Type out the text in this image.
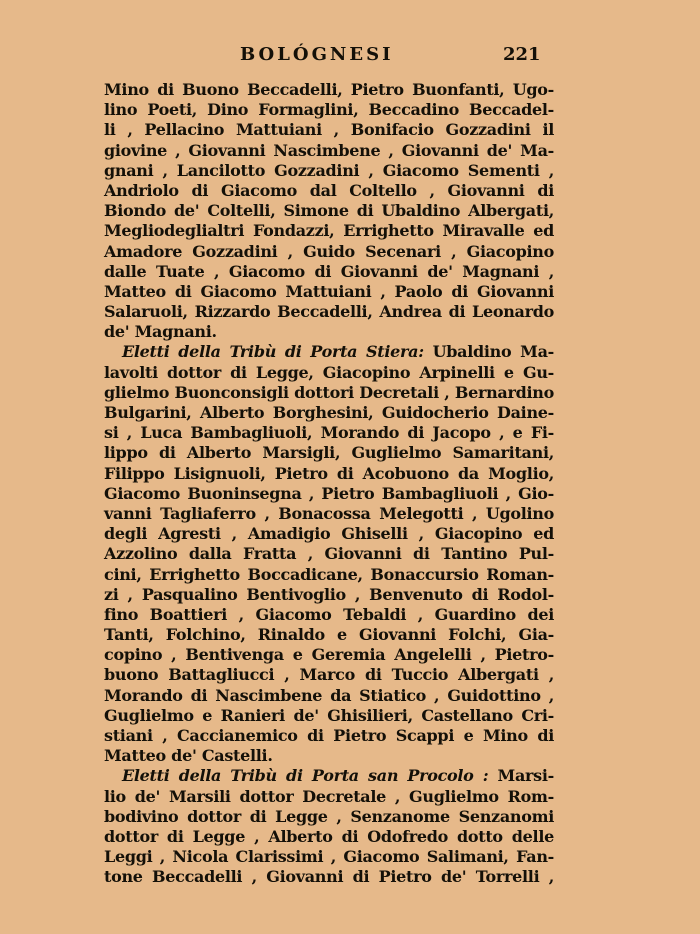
BOLÓGNESI	221
Mino di Buono Beccadelli, Pietro Buonfanti, Ugo-
lino Poeti, Dino Formaglini, Beccadino Beccadel-
li , Pellacino Mattuiani , Bonifacio Gozzadini il
giovine , Giovanni Nascimbene , Giovanni de' Ma-
gnani , Lancilotto Gozzadini , Giacomo Sementi ,
Andriolo di Giacomo dal Coltello , Giovanni di
Biondo de' Coltelli, Simone di Ubaldino Albergati,
Megliodeglialtri Fondazzi, Errighetto Miravalle ed
Amadore Gozzadini , Guido Secenari , Giacopino
dalle Tuate , Giacomo di Giovanni de' Magnani ,
Matteo di Giacomo Mattuiani , Paolo di Giovanni
Salaruoli, Rizzardo Beccadelli, Andrea di Leonardo
de' Magnani.
Eletti della Tribù di Porta Stiera: Ubaldino Ma-
lavolti dottor di Legge, Giacopino Arpinelli e Gu-
glielmo Buonconsigli dottori Decretali , Bernardino
Bulgarini, Alberto Borghesini, Guidocherio Daine-
si , Luca Bambagliuoli, Morando di Jacopo , e Fi-
lippo di Alberto Marsigli, Guglielmo Samaritani,
Filippo Lisignuoli, Pietro di Acobuono da Moglio,
Giacomo Buoninsegna , Pietro Bambagliuoli , Gio-
vanni Tagliaferro , Bonacossa Melegotti , Ugolino
degli Agresti , Amadigio Ghiselli , Giacopino ed
Azzolino dalla Fratta , Giovanni di Tantino Pul-
cini, Errighetto Boccadicane, Bonaccursio Roman-
zi , Pasqualino Bentivoglio , Benvenuto di Rodol-
fino Boattieri , Giacomo Tebaldi , Guardino dei
Tanti, Folchino, Rinaldo e Giovanni Folchi, Gia-
copino , Bentivenga e Geremia Angelelli , Pietro-
buono Battagliucci , Marco di Tuccio Albergati ,
Morando di Nascimbene da Stiatico , Guidottino ,
Guglielmo e Ranieri de' Ghisilieri, Castellano Cri-
stiani , Caccianemico di Pietro Scappi e Mino di
Matteo de' Castelli.
Eletti della Tribù di Porta san Procolo : Marsi-
lio de' Marsili dottor Decretale , Guglielmo Rom-
bodivino dottor di Legge , Senzanome Senzanomi
dottor di Legge , Alberto di Odofredo dotto delle
Leggi , Nicola Clarissimi , Giacomo Salimani, Fan-
tone Beccadelli , Giovanni di Pietro de' Torrelli ,
